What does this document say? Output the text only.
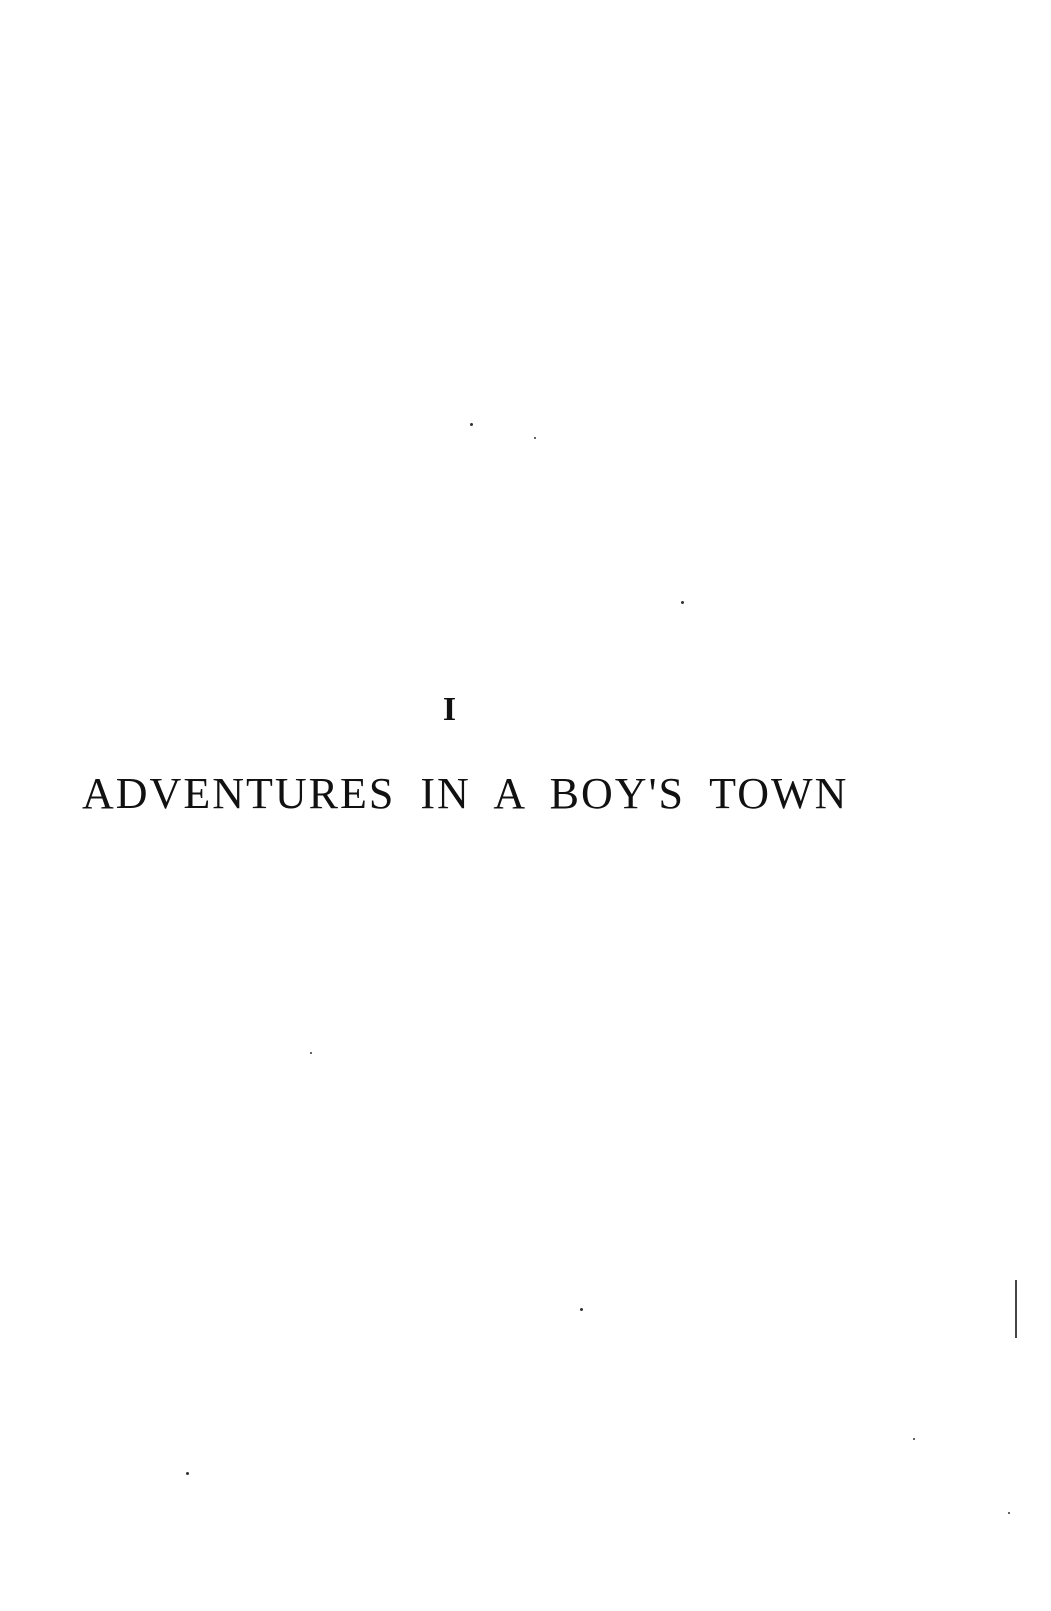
I
ADVENTURES IN A BOY'S TOWN
